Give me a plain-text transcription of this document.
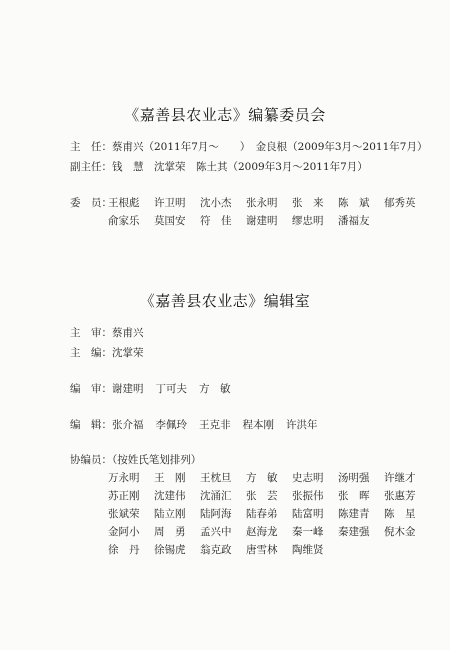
《嘉善县农业志》编纂委员会
主　任：蔡甫兴（2011年7月～　　）　金良根（2009年3月～2011年7月）
副主任：钱　慧　沈掌荣　陈土其（2009年3月～2011年7月）
委　员：
王根彪 许卫明 沈小杰 张永明 张　来 陈　斌 郁秀英
俞家乐 莫国安 符　佳 谢建明 缪忠明 潘福友
《嘉善县农业志》编辑室
主　审：蔡甫兴
主　编：沈掌荣
编　审：谢建明 丁可夫 方　敏
编　辑：张介福 李佩玲 王克非 程本刚 许洪年
协编员：（按姓氏笔划排列）
万永明 王　刚 王枕旦 方　敏 史志明 汤明强 许继才
苏正刚 沈建伟 沈涌汇 张　芸 张振伟 张　晖 张惠芳
张斌荣 陆立刚 陆阿海 陆春弟 陆富明 陈建青 陈　星
金阿小 周　勇 孟兴中 赵海龙 秦一峰 秦建强 倪木金
徐　丹 徐锡虎 翁克政 唐雪林 陶维贤
